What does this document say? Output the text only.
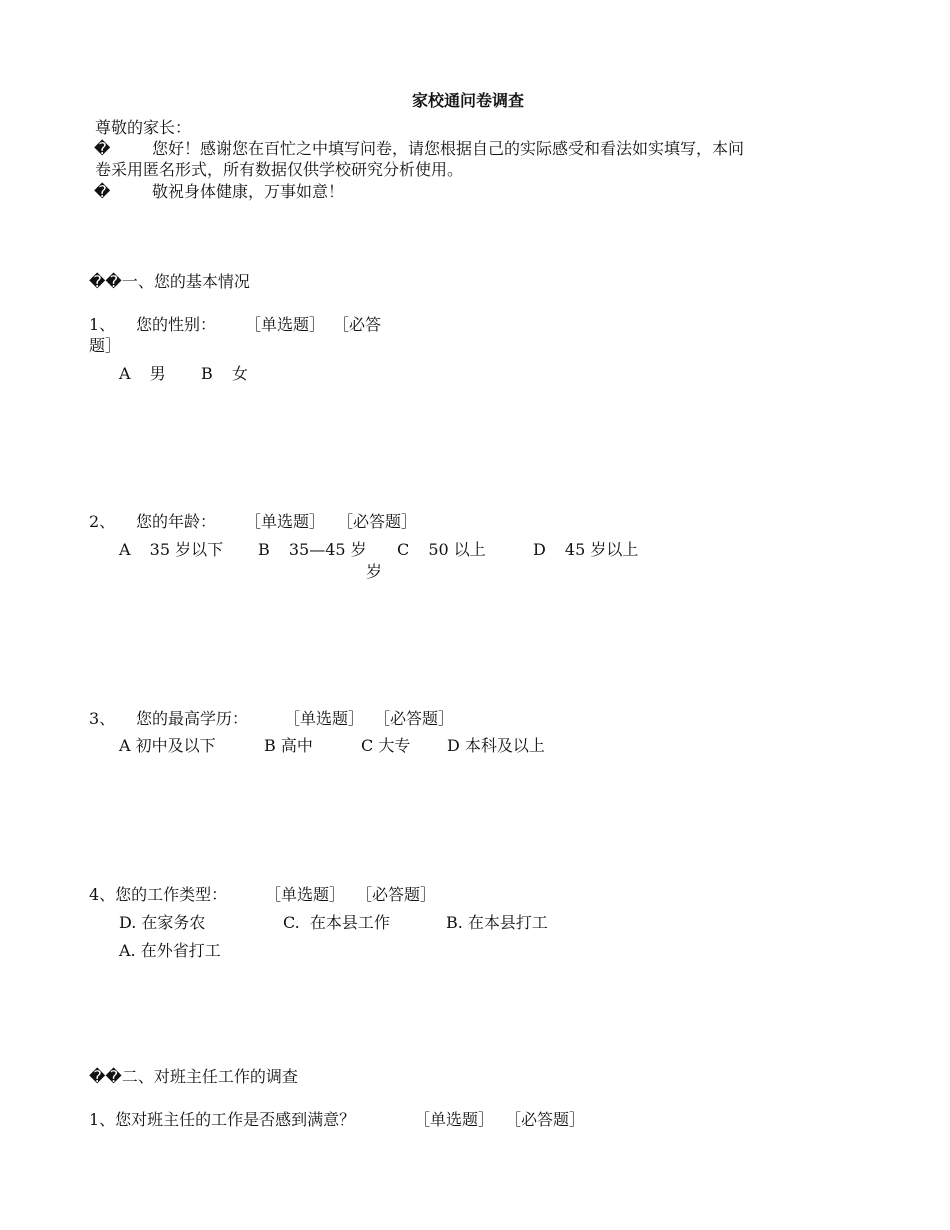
家校通问卷调查
尊敬的家长：
�	您好！感谢您在百忙之中填写问卷，请您根据自己的实际感受和看法如实填写，本问
卷采用匿名形式，所有数据仅供学校研究分析使用。
�	敬祝身体健康，万事如意！
��一、您的基本情况
1、 您的性别： ［单选题］ ［必答
题］
A 男 B 女
2、 您的年龄： ［单选题］ ［必答题］
A 35 岁以下 B 35—45 岁 C 50 以上	D 45 岁以上
岁
3、 您的最高学历： ［单选题］ ［必答题］
A 初中及以下	B 高中	C 大专 D 本科及以上
4、您的工作类型： ［单选题］ ［必答题］
D. 在家务农	C.  在本县工作	B. 在本县打工
A. 在外省打工
��二、对班主任工作的调查
1、您对班主任的工作是否感到满意？	［单选题］ ［必答题］
